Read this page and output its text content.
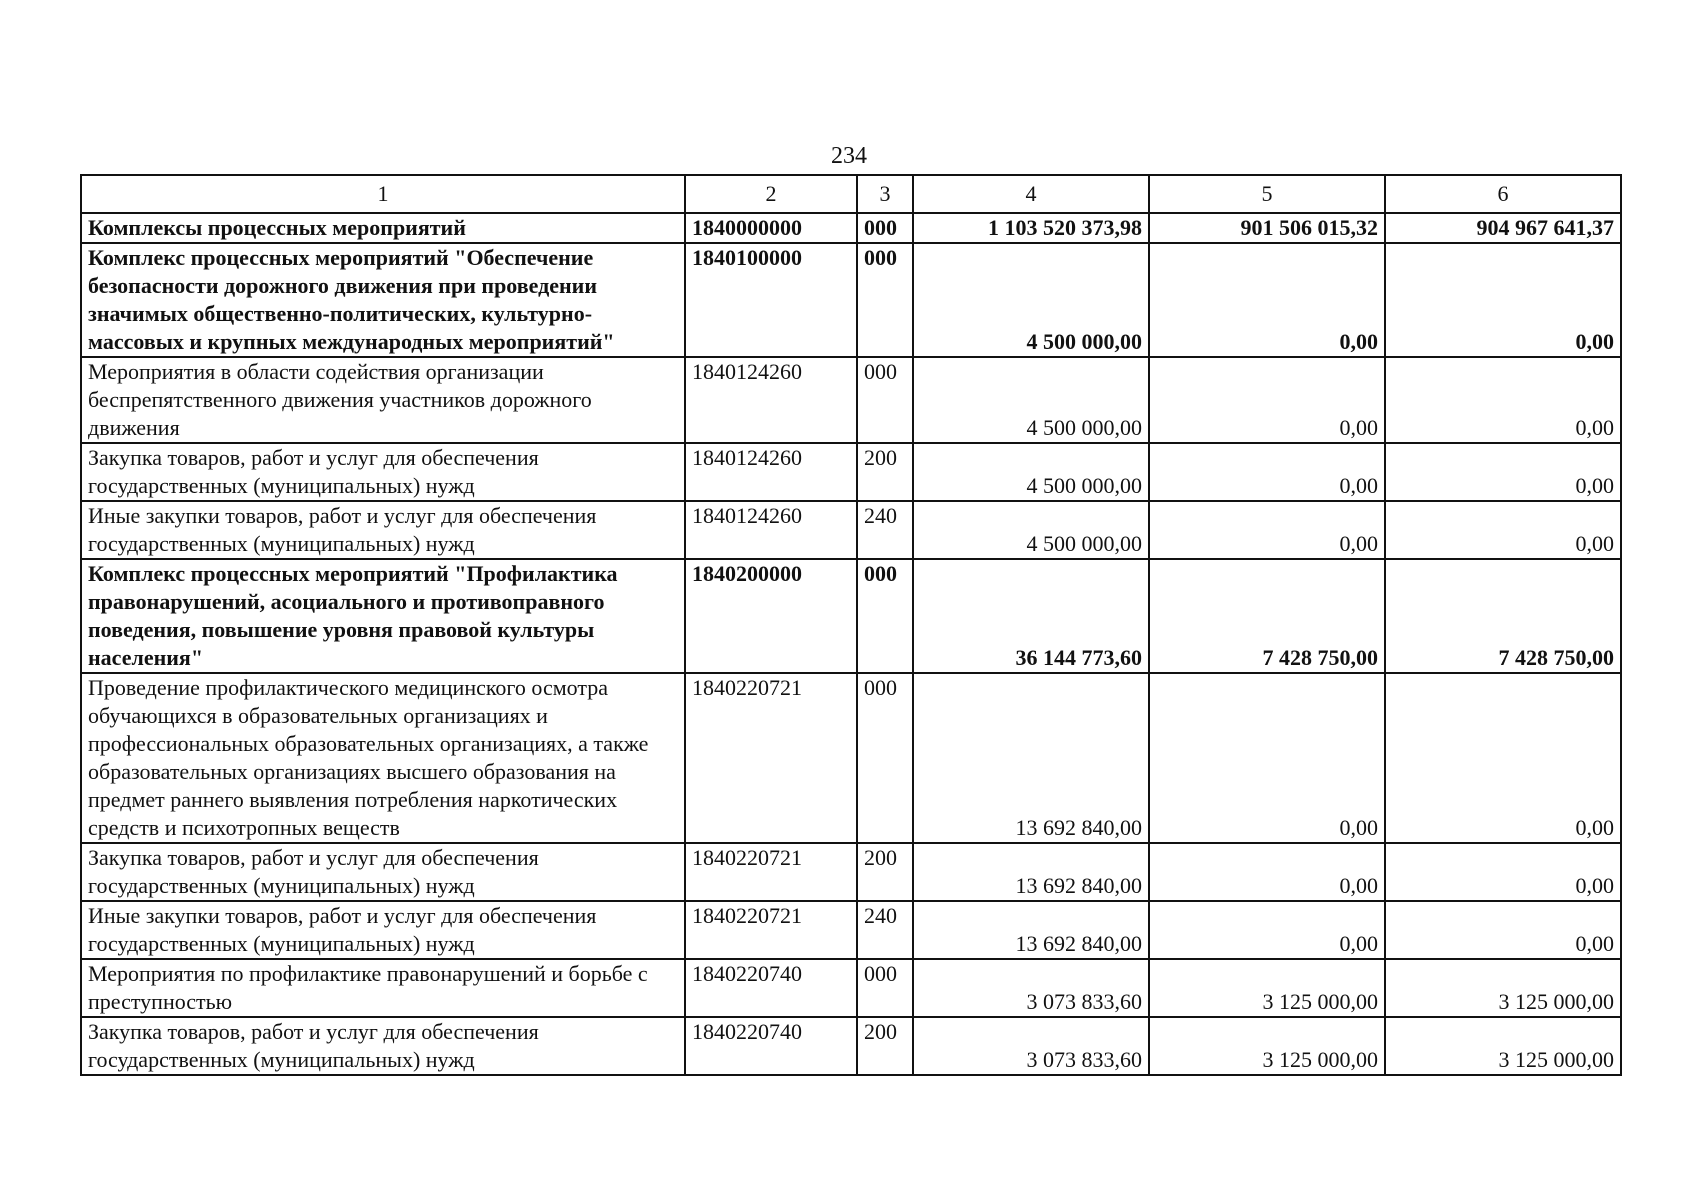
234
1	2	3	4	5	6
Комплексы процессных мероприятий	1840000000	000	1 103 520 373,98	901 506 015,32	904 967 641,37
Комплекс процессных мероприятий "Обеспечение безопасности дорожного движения при проведении значимых общественно-политических, культурно-массовых и крупных международных мероприятий"	1840100000	000	4 500 000,00	0,00	0,00
Мероприятия в области содействия организации беспрепятственного движения участников дорожного движения	1840124260	000	4 500 000,00	0,00	0,00
Закупка товаров, работ и услуг для обеспечения государственных (муниципальных) нужд	1840124260	200	4 500 000,00	0,00	0,00
Иные закупки товаров, работ и услуг для обеспечения государственных (муниципальных) нужд	1840124260	240	4 500 000,00	0,00	0,00
Комплекс процессных мероприятий "Профилактика правонарушений, асоциального и противоправного поведения, повышение уровня правовой культуры населения"	1840200000	000	36 144 773,60	7 428 750,00	7 428 750,00
Проведение профилактического медицинского осмотра обучающихся в образовательных организациях и профессиональных образовательных организациях, а также образовательных организациях высшего образования на предмет раннего выявления потребления наркотических средств и психотропных веществ	1840220721	000	13 692 840,00	0,00	0,00
Закупка товаров, работ и услуг для обеспечения государственных (муниципальных) нужд	1840220721	200	13 692 840,00	0,00	0,00
Иные закупки товаров, работ и услуг для обеспечения государственных (муниципальных) нужд	1840220721	240	13 692 840,00	0,00	0,00
Мероприятия по профилактике правонарушений и борьбе с преступностью	1840220740	000	3 073 833,60	3 125 000,00	3 125 000,00
Закупка товаров, работ и услуг для обеспечения государственных (муниципальных) нужд	1840220740	200	3 073 833,60	3 125 000,00	3 125 000,00
